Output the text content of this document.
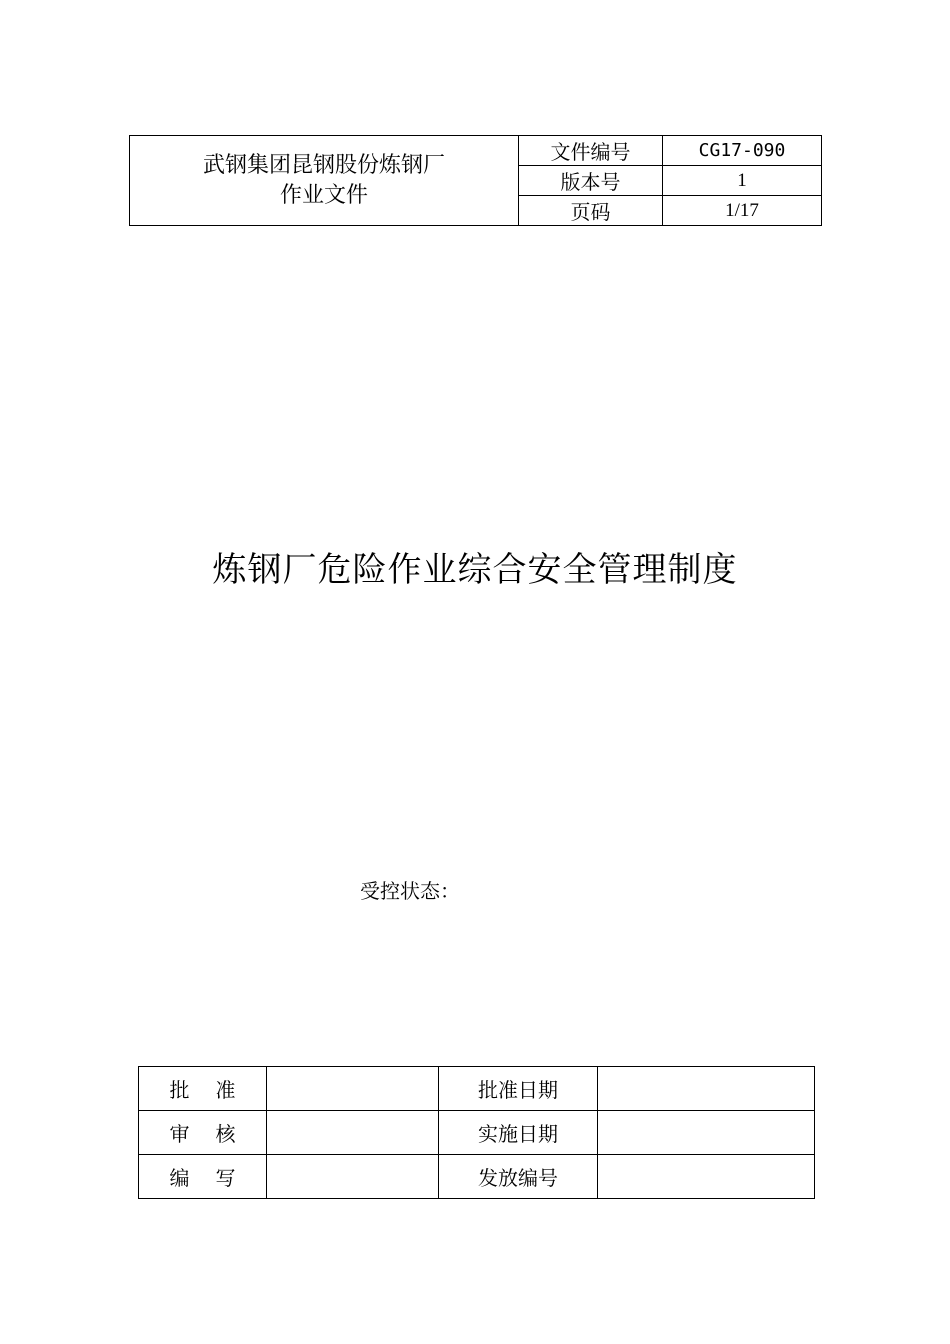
武钢集团昆钢股份炼钢厂
作业文件	文件编号	CG17-090
	版本号	1
	页码	1/17
炼钢厂危险作业综合安全管理制度
受控状态：
批准		批准日期	
审核		实施日期	
编写		发放编号	
